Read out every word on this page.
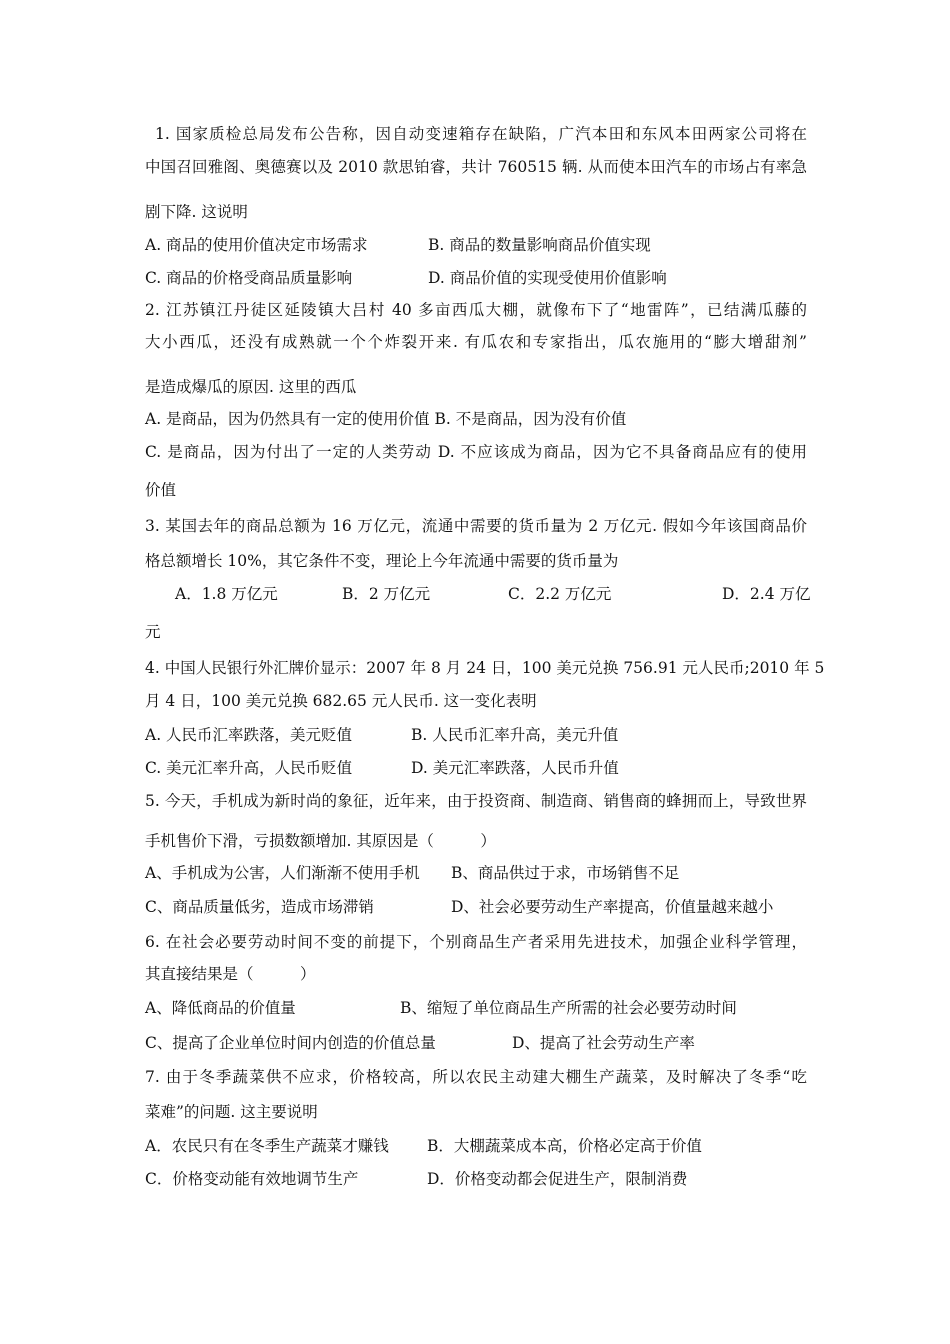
1. 国家质检总局发布公告称，因自动变速箱存在缺陷，广汽本田和东风本田两家公司将在
中国召回雅阁、奥德赛以及 2010 款思铂睿，共计 760515 辆. 从而使本田汽车的市场占有率急
剧下降. 这说明
A. 商品的使用价值决定市场需求	B. 商品的数量影响商品价值实现
C. 商品的价格受商品质量影响	D. 商品价值的实现受使用价值影响
2. 江苏镇江丹徒区延陵镇大吕村 40 多亩西瓜大棚，就像布下了“地雷阵”，已结满瓜藤的
大小西瓜，还没有成熟就一个个炸裂开来. 有瓜农和专家指出，瓜农施用的“膨大增甜剂”
是造成爆瓜的原因. 这里的西瓜
A. 是商品，因为仍然具有一定的使用价值 B. 不是商品，因为没有价值
C. 是商品，因为付出了一定的人类劳动 D. 不应该成为商品，因为它不具备商品应有的使用
价值
3. 某国去年的商品总额为 16 万亿元，流通中需要的货币量为 2 万亿元. 假如今年该国商品价
格总额增长 10%，其它条件不变，理论上今年流通中需要的货币量为
A．1.8 万亿元	B．2 万亿元	C．2.2 万亿元	D．2.4 万亿
元
4. 中国人民银行外汇牌价显示：2007 年 8 月 24 日，100 美元兑换 756.91 元人民币;2010 年 5
月 4 日，100 美元兑换 682.65 元人民币. 这一变化表明
A. 人民币汇率跌落，美元贬值	B. 人民币汇率升高，美元升值
C. 美元汇率升高，人民币贬值	D. 美元汇率跌落，人民币升值
5. 今天，手机成为新时尚的象征，近年来，由于投资商、制造商、销售商的蜂拥而上，导致世界
手机售价下滑，亏损数额增加. 其原因是（　　　）
A、手机成为公害，人们渐渐不使用手机 B、商品供过于求，市场销售不足
C、商品质量低劣，造成市场滞销	D、社会必要劳动生产率提高，价值量越来越小
6. 在社会必要劳动时间不变的前提下，个别商品生产者采用先进技术，加强企业科学管理，
其直接结果是（　　　）
A、降低商品的价值量	B、缩短了单位商品生产所需的社会必要劳动时间
C、提高了企业单位时间内创造的价值总量	D、提高了社会劳动生产率
7. 由于冬季蔬菜供不应求，价格较高，所以农民主动建大棚生产蔬菜，及时解决了冬季“吃
菜难”的问题. 这主要说明
A．农民只有在冬季生产蔬菜才赚钱 B．大棚蔬菜成本高，价格必定高于价值
C．价格变动能有效地调节生产	D．价格变动都会促进生产，限制消费
